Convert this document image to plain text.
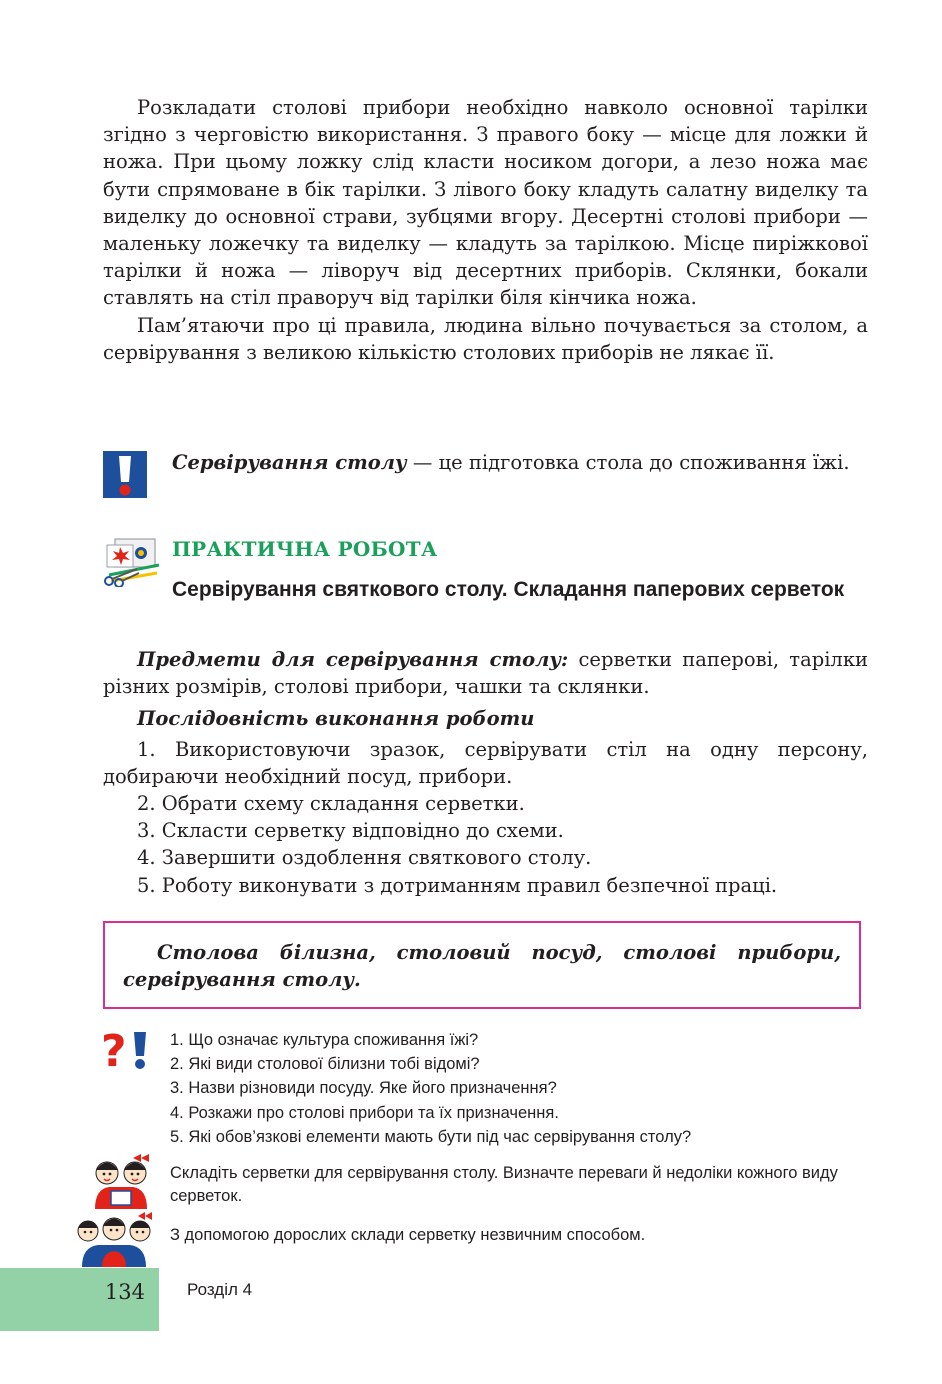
Розкладати столові прибори необхідно навколо основної тарілки згідно з черговістю використання. З правого боку — місце для ложки й ножа. При цьому ложку слід класти носиком догори, а лезо ножа має бути спрямоване в бік тарілки. З лівого боку кладуть салатну виделку та виделку до основної страви, зубцями вгору. Десертні столові прибори — маленьку ложечку та виделку — кладуть за тарілкою. Місце пиріжкової тарілки й ножа — ліворуч від десертних приборів. Склянки, бокали ставлять на стіл праворуч від тарілки біля кінчика ножа.

Пам’ятаючи про ці правила, людина вільно почувається за столом, а сервірування з великою кількістю столових приборів не лякає її.

Сервірування столу — це підготовка стола до споживання їжі.

ПРАКТИЧНА РОБОТА
Сервірування святкового столу. Складання паперових серветок

Предмети для сервірування столу: серветки паперові, тарілки різних розмірів, столові прибори, чашки та склянки.

Послідовність виконання роботи

1. Використовуючи зразок, сервірувати стіл на одну персону, добираючи необхідний посуд, прибори.

2. Обрати схему складання серветки.

3. Скласти серветку відповідно до схеми.

4. Завершити оздоблення святкового столу.

5. Роботу виконувати з дотриманням правил безпечної праці.

Столова білизна, столовий посуд, столові прибори, сервірування столу.

?	1. Що означає культура споживання їжі?
2. Які види столової білизни тобі відомі?
3. Назви різновиди посуду. Яке його призначення?
4. Розкажи про столові прибори та їх призначення.
5. Які обов’язкові елементи мають бути під час сервірування столу?

Складіть серветки для сервірування столу. Визначте переваги й недоліки кожного виду серветок.

З допомогою дорослих склади серветку незвичним способом.

134	Розділ 4
